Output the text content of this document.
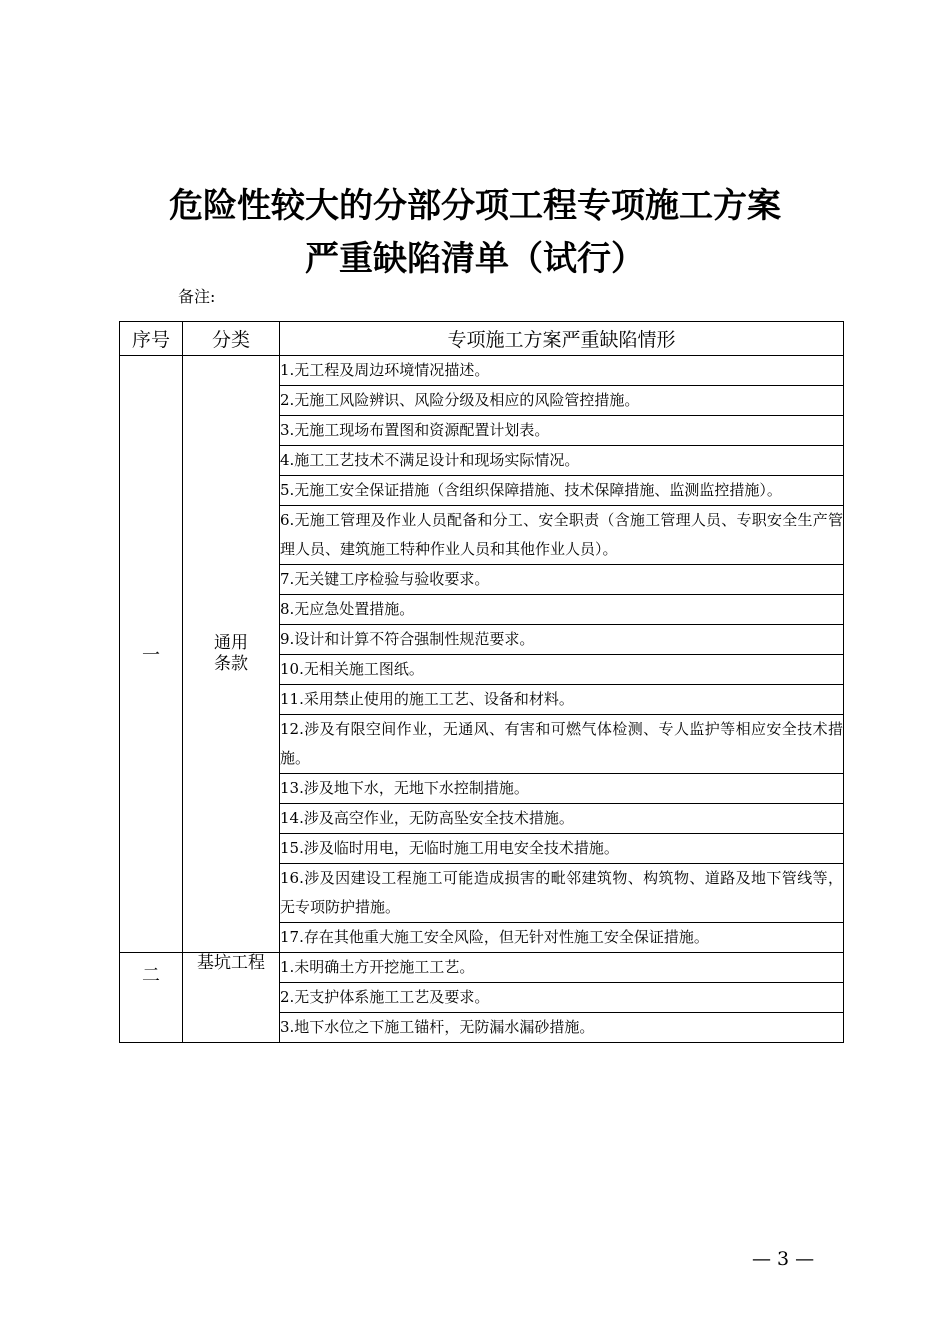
危险性较大的分部分项工程专项施工方案
严重缺陷清单（试行）
备注:
序号	分类	专项施工方案严重缺陷情形
一	通用条款	1.无工程及周边环境情况描述。
		2.无施工风险辨识、风险分级及相应的风险管控措施。
		3.无施工现场布置图和资源配置计划表。
		4.施工工艺技术不满足设计和现场实际情况。
		5.无施工安全保证措施（含组织保障措施、技术保障措施、监测监控措施）。
		6.无施工管理及作业人员配备和分工、安全职责（含施工管理人员、专职安全生产管理人员、建筑施工特种作业人员和其他作业人员）。
		7.无关键工序检验与验收要求。
		8.无应急处置措施。
		9.设计和计算不符合强制性规范要求。
		10.无相关施工图纸。
		11.采用禁止使用的施工工艺、设备和材料。
		12.涉及有限空间作业，无通风、有害和可燃气体检测、专人监护等相应安全技术措施。
		13.涉及地下水，无地下水控制措施。
		14.涉及高空作业，无防高坠安全技术措施。
		15.涉及临时用电，无临时施工用电安全技术措施。
		16.涉及因建设工程施工可能造成损害的毗邻建筑物、构筑物、道路及地下管线等，无专项防护措施。
		17.存在其他重大施工安全风险，但无针对性施工安全保证措施。
二	基坑工程	1.未明确土方开挖施工工艺。
		2.无支护体系施工工艺及要求。
		3.地下水位之下施工锚杆，无防漏水漏砂措施。
— 3 —
